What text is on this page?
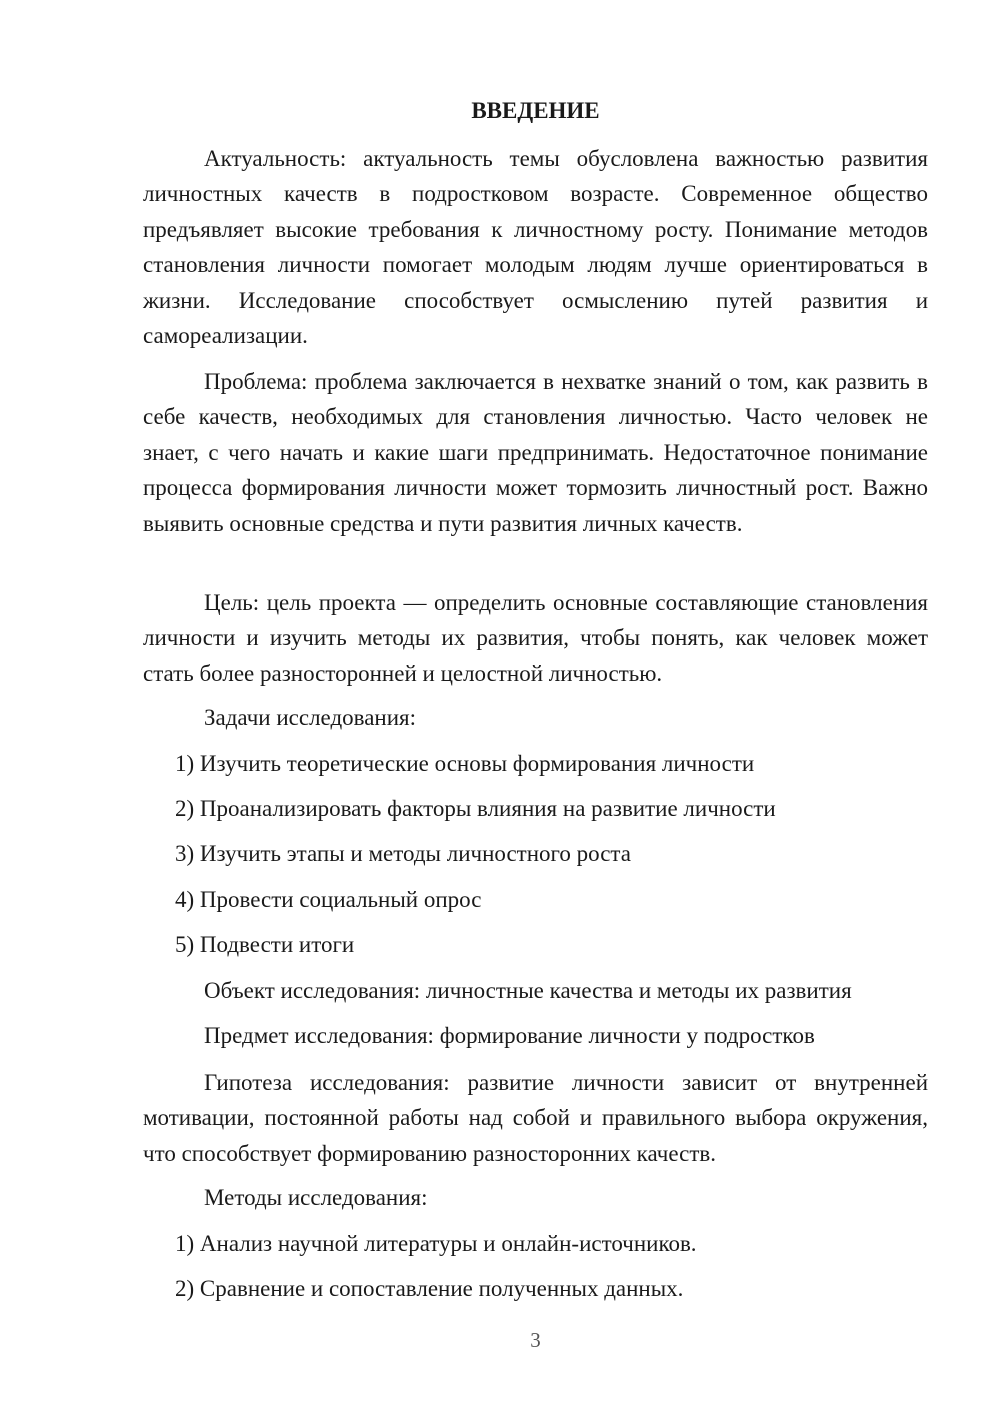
ВВЕДЕНИЕ
Актуальность: актуальность темы обусловлена важностью развития личностных качеств в подростковом возрасте. Современное общество предъявляет высокие требования к личностному росту. Понимание методов становления личности помогает молодым людям лучше ориентироваться в жизни. Исследование способствует осмыслению путей развития и самореализации.
Проблема: проблема заключается в нехватке знаний о том, как развить в себе качеств, необходимых для становления личностью. Часто человек не знает, с чего начать и какие шаги предпринимать. Недостаточное понимание процесса формирования личности может тормозить личностный рост. Важно выявить основные средства и пути развития личных качеств.
Цель: цель проекта — определить основные составляющие становления личности и изучить методы их развития, чтобы понять, как человек может стать более разносторонней и целостной личностью.
Задачи исследования:
1) Изучить теоретические основы формирования личности
2) Проанализировать факторы влияния на развитие личности
3) Изучить этапы и методы личностного роста
4) Провести социальный опрос
5) Подвести итоги
Объект исследования: личностные качества и методы их развития
Предмет исследования: формирование личности у подростков
Гипотеза исследования: развитие личности зависит от внутренней мотивации, постоянной работы над собой и правильного выбора окружения, что способствует формированию разносторонних качеств.
Методы исследования:
1) Анализ научной литературы и онлайн-источников.
2) Сравнение и сопоставление полученных данных.
3
